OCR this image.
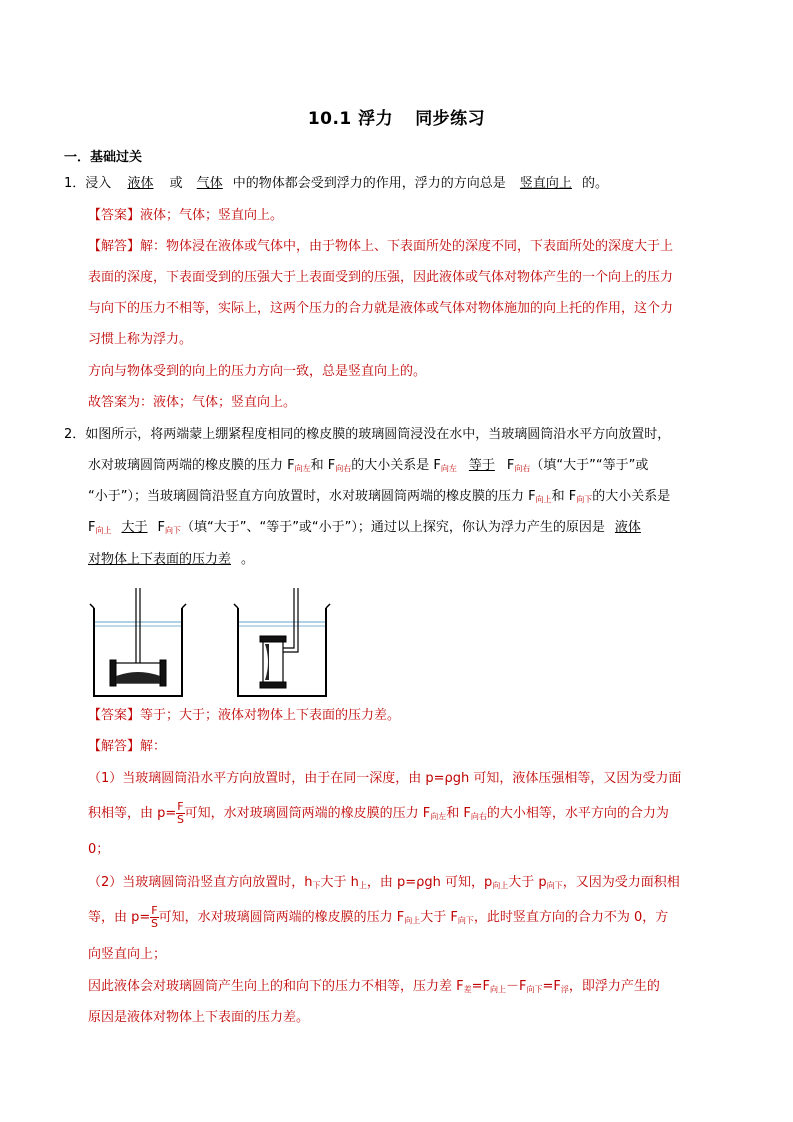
10.1 浮力 同步练习
一．基础过关
1．浸入 液体 或 气体 中的物体都会受到浮力的作用，浮力的方向总是 竖直向上 的。
【答案】液体；气体；竖直向上。
【解答】解：物体浸在液体或气体中，由于物体上、下表面所处的深度不同，下表面所处的深度大于上
表面的深度，下表面受到的压强大于上表面受到的压强，因此液体或气体对物体产生的一个向上的压力
与向下的压力不相等，实际上，这两个压力的合力就是液体或气体对物体施加的向上托的作用，这个力
习惯上称为浮力。
方向与物体受到的向上的压力方向一致，总是竖直向上的。
故答案为：液体；气体；竖直向上。
2．如图所示，将两端蒙上绷紧程度相同的橡皮膜的玻璃圆筒浸没在水中，当玻璃圆筒沿水平方向放置时，
水对玻璃圆筒两端的橡皮膜的压力 $F_{向左}$和 $F_{向右}$的大小关系是 $F_{向左}$ 等于 $F_{向右}$（填“大于”“等于”或
“小于”）；当玻璃圆筒沿竖直方向放置时，水对玻璃圆筒两端的橡皮膜的压力 $F_{向上}$和 $F_{向下}$的大小关系是
$F_{向上}$ 大于 $F_{向下}$（填“大于”、“等于”或“小于”）；通过以上探究，你认为浮力产生的原因是 液体
对物体上下表面的压力差 。
【答案】等于；大于；液体对物体上下表面的压力差。
【解答】解：
（1）当玻璃圆筒沿水平方向放置时，由于在同一深度，由 p=ρgh 可知，液体压强相等，又因为受力面
积相等，由 $p= \frac{F}{S}$ 可知，水对玻璃圆筒两端的橡皮膜的压力 $F_{向左}$和 $F_{向右}$的大小相等，水平方向的合力为
0；
（2）当玻璃圆筒沿竖直方向放置时，$h_下$大于 $h_上$，由 p=ρgh 可知，$p_{向上}$大于 $p_{向下}$，又因为受力面积相
等，由 $p= \frac{F}{S}$ 可知，水对玻璃圆筒两端的橡皮膜的压力 $F_{向上}$大于 $F_{向下}$，此时竖直方向的合力不为 0，方
向竖直向上；
因此液体会对玻璃圆筒产生向上的和向下的压力不相等，压力差 $F_差=F_{向上}-F_{向下}=F_浮$，即浮力产生的
原因是液体对物体上下表面的压力差。
